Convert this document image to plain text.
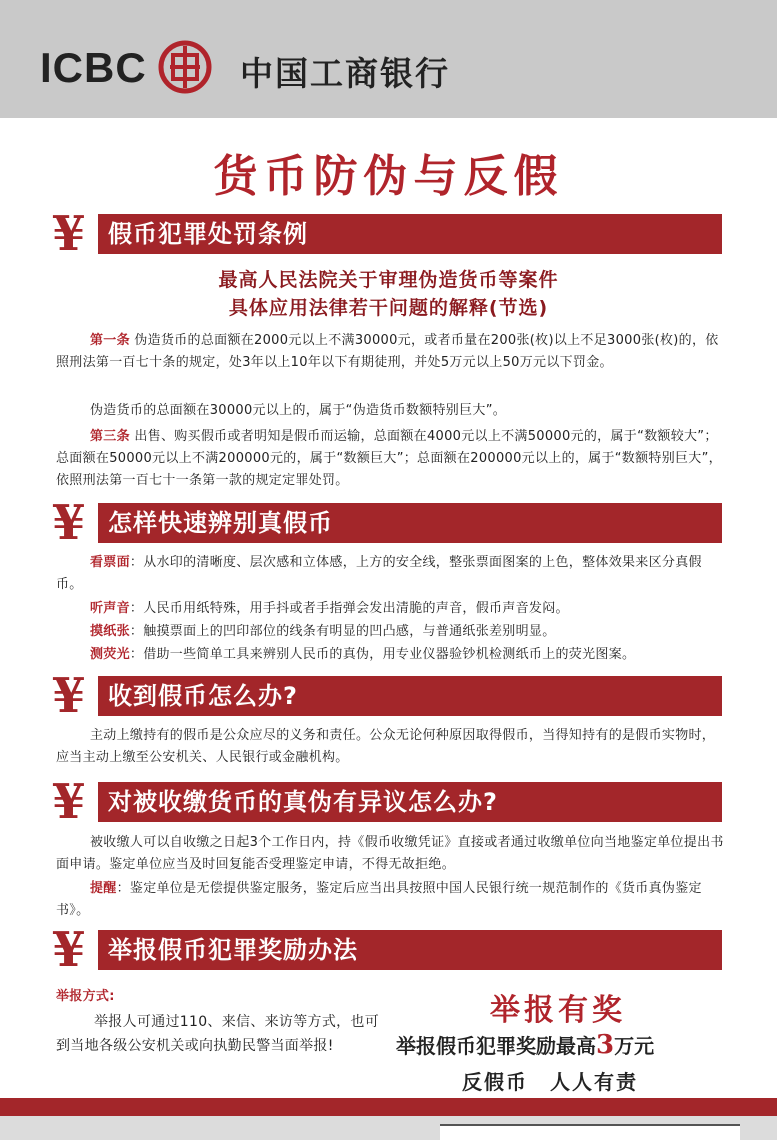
ICBC	中国工商银行
货币防伪与反假
¥ 假币犯罪处罚条例
最高人民法院关于审理伪造货币等案件
具体应用法律若干问题的解释(节选)
第一条 伪造货币的总面额在2000元以上不满30000元，或者币量在200张(枚)以上不足3000张(枚)的，依照刑法第一百七十条的规定，处3年以上10年以下有期徒刑，并处5万元以上50万元以下罚金。
伪造货币的总面额在30000元以上的，属于“伪造货币数额特别巨大”。
第三条 出售、购买假币或者明知是假币而运输，总面额在4000元以上不满50000元的，属于“数额较大”；总面额在50000元以上不满200000元的，属于“数额巨大”；总面额在200000元以上的，属于“数额特别巨大”，依照刑法第一百七十一条第一款的规定定罪处罚。
¥ 怎样快速辨别真假币
看票面：从水印的清晰度、层次感和立体感，上方的安全线，整张票面图案的上色，整体效果来区分真假币。
听声音：人民币用纸特殊，用手抖或者手指弹会发出清脆的声音，假币声音发闷。
摸纸张：触摸票面上的凹印部位的线条有明显的凹凸感，与普通纸张差别明显。
测荧光：借助一些简单工具来辨别人民币的真伪，用专业仪器验钞机检测纸币上的荧光图案。
¥ 收到假币怎么办?
主动上缴持有的假币是公众应尽的义务和责任。公众无论何种原因取得假币，当得知持有的是假币实物时，应当主动上缴至公安机关、人民银行或金融机构。
¥ 对被收缴货币的真伪有异议怎么办?
被收缴人可以自收缴之日起3个工作日内，持《假币收缴凭证》直接或者通过收缴单位向当地鉴定单位提出书面申请。鉴定单位应当及时回复能否受理鉴定申请，不得无故拒绝。
提醒：鉴定单位是无偿提供鉴定服务，鉴定后应当出具按照中国人民银行统一规范制作的《货币真伪鉴定书》。
¥ 举报假币犯罪奖励办法
举报方式:
举报人可通过110、来信、来访等方式，也可到当地各级公安机关或向执勤民警当面举报!
举报有奖
举报假币犯罪奖励最高3万元
反假币　人人有责
